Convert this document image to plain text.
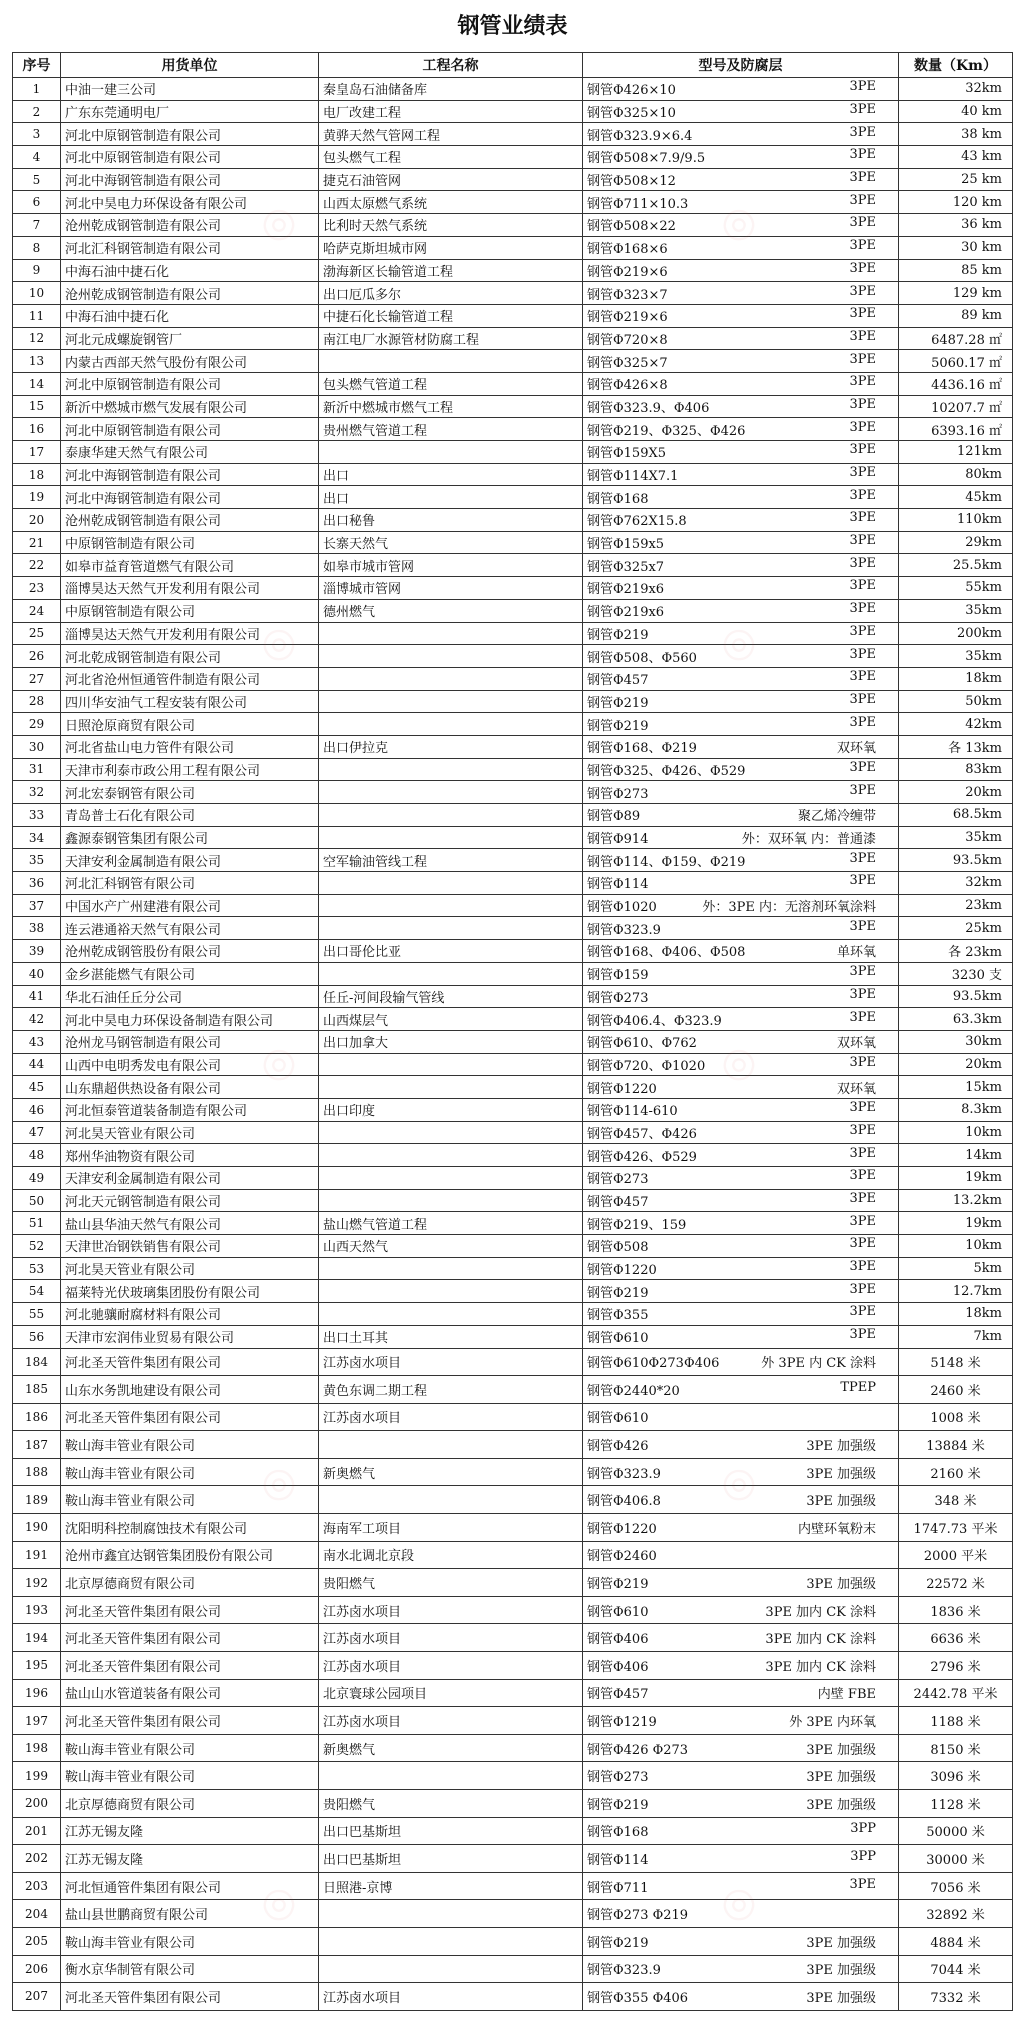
钢管业绩表
序号	用货单位	工程名称	型号及防腐层	数量（Km）
1	中油一建三公司	秦皇岛石油储备库	钢管Φ426×10 3PE	32km
2	广东东莞通明电厂	电厂改建工程	钢管Φ325×10 3PE	40 km
3	河北中原钢管制造有限公司	黄骅天然气管网工程	钢管Φ323.9×6.4 3PE	38 km
4	河北中原钢管制造有限公司	包头燃气工程	钢管Φ508×7.9/9.5 3PE	43 km
5	河北中海钢管制造有限公司	捷克石油管网	钢管Φ508×12 3PE	25 km
6	河北中昊电力环保设备有限公司	山西太原燃气系统	钢管Φ711×10.3 3PE	120 km
7	沧州乾成钢管制造有限公司	比利时天然气系统	钢管Φ508×22 3PE	36 km
8	河北汇科钢管制造有限公司	哈萨克斯坦城市网	钢管Φ168×6 3PE	30 km
9	中海石油中捷石化	渤海新区长输管道工程	钢管Φ219×6 3PE	85 km
10	沧州乾成钢管制造有限公司	出口厄瓜多尔	钢管Φ323×7 3PE	129 km
11	中海石油中捷石化	中捷石化长输管道工程	钢管Φ219×6 3PE	89 km
12	河北元成螺旋钢管厂	南江电厂水源管材防腐工程	钢管Φ720×8 3PE	6487.28 ㎡
13	内蒙古西部天然气股份有限公司		钢管Φ325×7 3PE	5060.17 ㎡
14	河北中原钢管制造有限公司	包头燃气管道工程	钢管Φ426×8 3PE	4436.16 ㎡
15	新沂中燃城市燃气发展有限公司	新沂中燃城市燃气工程	钢管Φ323.9、Φ406 3PE	10207.7 ㎡
16	河北中原钢管制造有限公司	贵州燃气管道工程	钢管Φ219、Φ325、Φ426 3PE	6393.16 ㎡
17	泰康华建天然气有限公司		钢管Φ159X5 3PE	121km
18	河北中海钢管制造有限公司	出口	钢管Φ114X7.1 3PE	80km
19	河北中海钢管制造有限公司	出口	钢管Φ168 3PE	45km
20	沧州乾成钢管制造有限公司	出口秘鲁	钢管Φ762X15.8 3PE	110km
21	中原钢管制造有限公司	长寨天然气	钢管Φ159x5 3PE	29km
22	如皋市益育管道燃气有限公司	如皋市城市管网	钢管Φ325x7 3PE	25.5km
23	淄博昊达天然气开发利用有限公司	淄博城市管网	钢管Φ219x6 3PE	55km
24	中原钢管制造有限公司	德州燃气	钢管Φ219x6 3PE	35km
25	淄博昊达天然气开发利用有限公司		钢管Φ219 3PE	200km
26	河北乾成钢管制造有限公司		钢管Φ508、Φ560 3PE	35km
27	河北省沧州恒通管件制造有限公司		钢管Φ457 3PE	18km
28	四川华安油气工程安装有限公司		钢管Φ219 3PE	50km
29	日照沧原商贸有限公司		钢管Φ219 3PE	42km
30	河北省盐山电力管件有限公司	出口伊拉克	钢管Φ168、Φ219 双环氧	各 13km
31	天津市利泰市政公用工程有限公司		钢管Φ325、Φ426、Φ529 3PE	83km
32	河北宏泰钢管有限公司		钢管Φ273 3PE	20km
33	青岛普士石化有限公司		钢管Φ89 聚乙烯冷缠带	68.5km
34	鑫源泰钢管集团有限公司		钢管Φ914 外：双环氧 内：普通漆	35km
35	天津安利金属制造有限公司	空军输油管线工程	钢管Φ114、Φ159、Φ219 3PE	93.5km
36	河北汇科钢管有限公司		钢管Φ114 3PE	32km
37	中国水产广州建港有限公司		钢管Φ1020 外：3PE 内：无溶剂环氧涂料	23km
38	连云港通裕天然气有限公司		钢管Φ323.9 3PE	25km
39	沧州乾成钢管股份有限公司	出口哥伦比亚	钢管Φ168、Φ406、Φ508 单环氧	各 23km
40	金乡湛能燃气有限公司		钢管Φ159 3PE	3230 支
41	华北石油任丘分公司	任丘-河间段输气管线	钢管Φ273 3PE	93.5km
42	河北中昊电力环保设备制造有限公司	山西煤层气	钢管Φ406.4、Φ323.9 3PE	63.3km
43	沧州龙马钢管制造有限公司	出口加拿大	钢管Φ610、Φ762 双环氧	30km
44	山西中电明秀发电有限公司		钢管Φ720、Φ1020 3PE	20km
45	山东鼎超供热设备有限公司		钢管Φ1220 双环氧	15km
46	河北恒泰管道装备制造有限公司	出口印度	钢管Φ114-610 3PE	8.3km
47	河北昊天管业有限公司		钢管Φ457、Φ426 3PE	10km
48	郑州华油物资有限公司		钢管Φ426、Φ529 3PE	14km
49	天津安利金属制造有限公司		钢管Φ273 3PE	19km
50	河北天元钢管制造有限公司		钢管Φ457 3PE	13.2km
51	盐山县华油天然气有限公司	盐山燃气管道工程	钢管Φ219、159 3PE	19km
52	天津世冶钢铁销售有限公司	山西天然气	钢管Φ508 3PE	10km
53	河北昊天管业有限公司		钢管Φ1220 3PE	5km
54	福莱特光伏玻璃集团股份有限公司		钢管Φ219 3PE	12.7km
55	河北驰骧耐腐材料有限公司		钢管Φ355 3PE	18km
56	天津市宏润伟业贸易有限公司	出口土耳其	钢管Φ610 3PE	7km
184	河北圣天管件集团有限公司	江苏卤水项目	钢管Φ610Φ273Φ406 外 3PE 内 CK 涂料	5148 米
185	山东水务凯地建设有限公司	黄色东调二期工程	钢管Φ2440*20 TPEP	2460 米
186	河北圣天管件集团有限公司	江苏卤水项目	钢管Φ610	1008 米
187	鞍山海丰管业有限公司		钢管Φ426 3PE 加强级	13884 米
188	鞍山海丰管业有限公司	新奥燃气	钢管Φ323.9 3PE 加强级	2160 米
189	鞍山海丰管业有限公司		钢管Φ406.8 3PE 加强级	348 米
190	沈阳明科控制腐蚀技术有限公司	海南军工项目	钢管Φ1220 内壁环氧粉末	1747.73 平米
191	沧州市鑫宜达钢管集团股份有限公司	南水北调北京段	钢管Φ2460	2000 平米
192	北京厚德商贸有限公司	贵阳燃气	钢管Φ219 3PE 加强级	22572 米
193	河北圣天管件集团有限公司	江苏卤水项目	钢管Φ610 3PE 加内 CK 涂料	1836 米
194	河北圣天管件集团有限公司	江苏卤水项目	钢管Φ406 3PE 加内 CK 涂料	6636 米
195	河北圣天管件集团有限公司	江苏卤水项目	钢管Φ406 3PE 加内 CK 涂料	2796 米
196	盐山山水管道装备有限公司	北京寰球公园项目	钢管Φ457 内壁 FBE	2442.78 平米
197	河北圣天管件集团有限公司	江苏卤水项目	钢管Φ1219 外 3PE 内环氧	1188 米
198	鞍山海丰管业有限公司	新奥燃气	钢管Φ426 Φ273 3PE 加强级	8150 米
199	鞍山海丰管业有限公司		钢管Φ273 3PE 加强级	3096 米
200	北京厚德商贸有限公司	贵阳燃气	钢管Φ219 3PE 加强级	1128 米
201	江苏无锡友隆	出口巴基斯坦	钢管Φ168 3PP	50000 米
202	江苏无锡友隆	出口巴基斯坦	钢管Φ114 3PP	30000 米
203	河北恒通管件集团有限公司	日照港-京博	钢管Φ711 3PE	7056 米
204	盐山县世鹏商贸有限公司		钢管Φ273 Φ219	32892 米
205	鞍山海丰管业有限公司		钢管Φ219 3PE 加强级	4884 米
206	衡水京华制管有限公司		钢管Φ323.9 3PE 加强级	7044 米
207	河北圣天管件集团有限公司	江苏卤水项目	钢管Φ355 Φ406 3PE 加强级	7332 米
◎	◎
◎	◎
◎	◎
◎	◎
◎	◎
